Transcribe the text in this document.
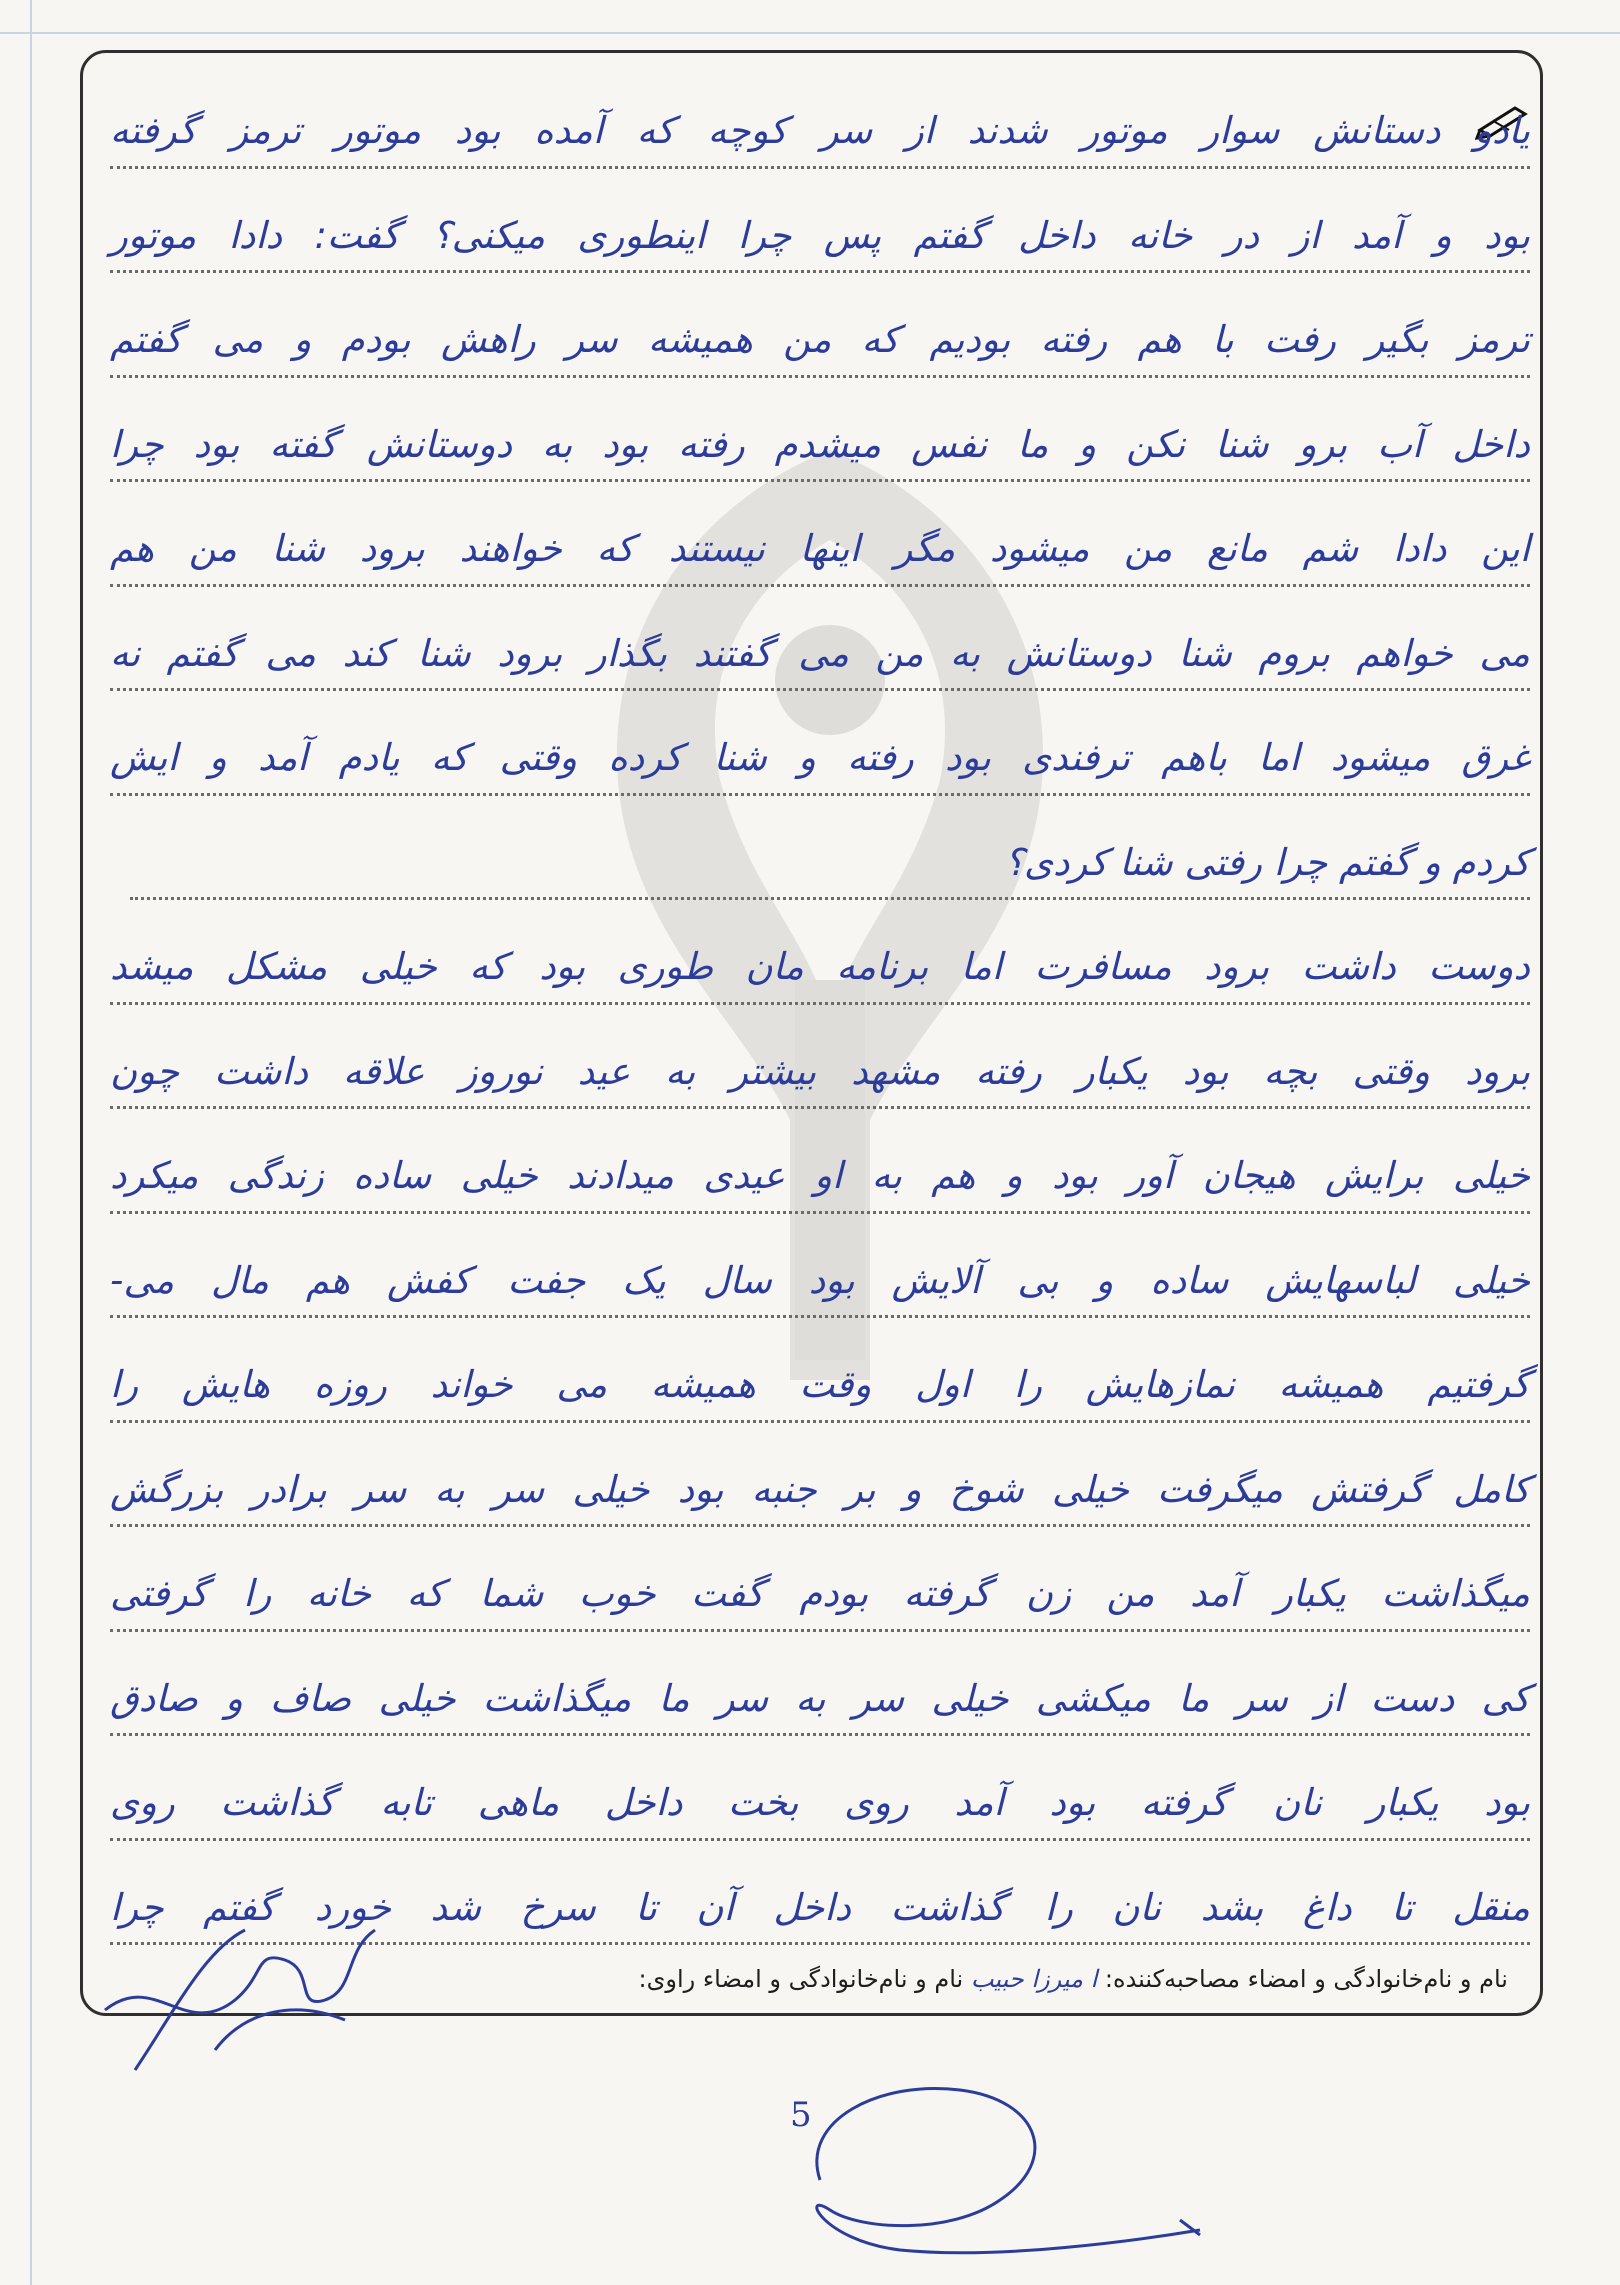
یادو دستانش سوار موتور شدند از سر کوچه که آمده بود موتور ترمز گرفته
بود و آمد از در خانه داخل گفتم پس چرا اینطوری میکنی؟ گفت: دادا موتور
ترمز بگیر رفت با هم رفته بودیم که من همیشه سر راهش بودم و می گفتم
داخل آب برو شنا نکن و ما نفس میشدم رفته بود به دوستانش گفته بود چرا
این دادا شم مانع من میشود مگر اینها نیستند که خواهند برود شنا من هم
می خواهم بروم شنا دوستانش به من می گفتند بگذار برود شنا کند می گفتم نه
غرق میشود اما باهم ترفندی بود رفته و شنا کرده وقتی که یادم آمد و ایش
کردم و گفتم چرا رفتی شنا کردی؟
دوست داشت برود مسافرت اما برنامه مان طوری بود که خیلی مشکل میشد
برود وقتی بچه بود یکبار رفته مشهد بیشتر به عید نوروز علاقه داشت چون
خیلی برایش هیجان آور بود و هم به او عیدی میدادند خیلی ساده زندگی میکرد
خیلی لباسهایش ساده و بی آلایش بود سال یک جفت کفش هم مال می-
گرفتیم همیشه نمازهایش را اول وقت همیشه می خواند روزه هایش را
کامل گرفتش میگرفت خیلی شوخ و بر جنبه بود خیلی سر به سر برادر بزرگش
میگذاشت یکبار آمد من زن گرفته بودم گفت خوب شما که خانه را گرفتی
کی دست از سر ما میکشی خیلی سر به سر ما میگذاشت خیلی صاف و صادق
بود یکبار نان گرفته بود آمد روی بخت داخل ماهی تابه گذاشت روی
منقل تا داغ بشد نان را گذاشت داخل آن تا سرخ شد خورد گفتم چرا
نام و نام‌خانوادگی و امضاء مصاحبه‌کننده: ا میرزا حبیب نام و نام‌خانوادگی و امضاء راوی:
5
